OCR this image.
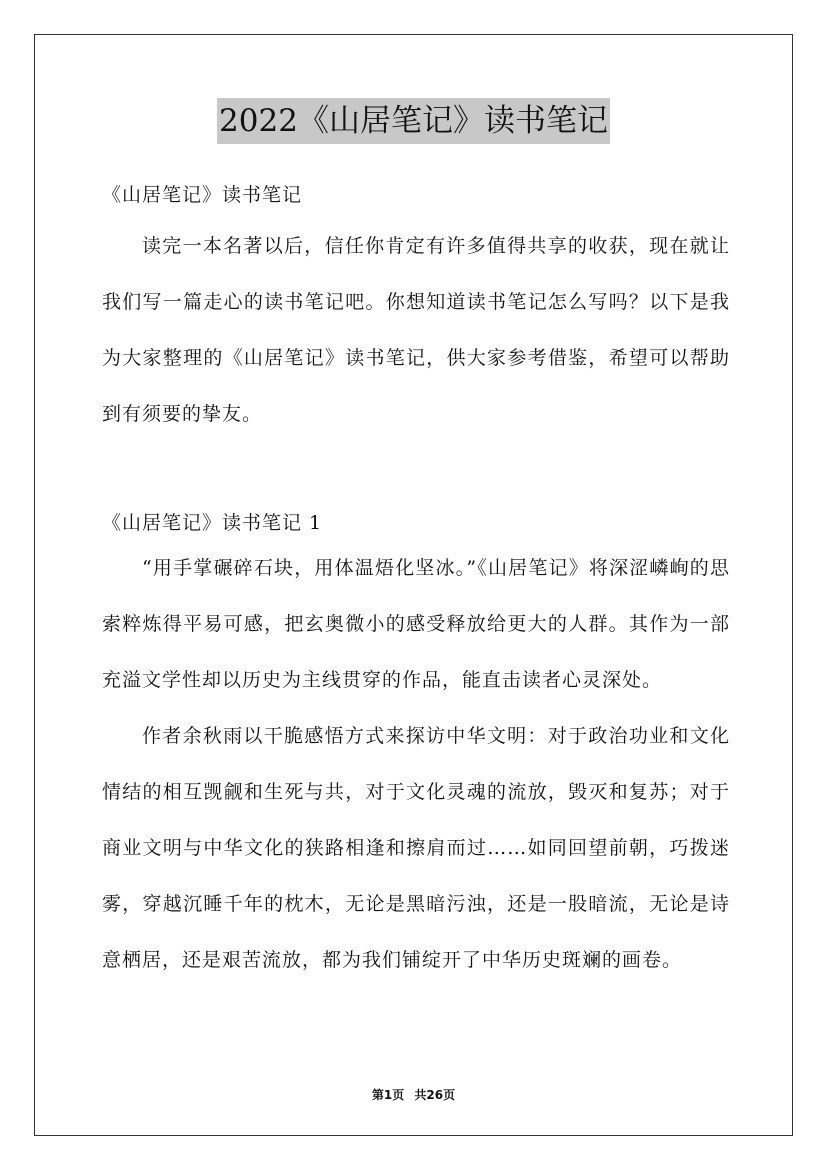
2022《山居笔记》读书笔记
《山居笔记》读书笔记

读完一本名著以后，信任你肯定有许多值得共享的收获，现在就让我们写一篇走心的读书笔记吧。你想知道读书笔记怎么写吗？以下是我为大家整理的《山居笔记》读书笔记，供大家参考借鉴，希望可以帮助到有须要的挚友。

《山居笔记》读书笔记 1

“用手掌碾碎石块，用体温焐化坚冰。”《山居笔记》将深涩嶙峋的思索粹炼得平易可感，把玄奥微小的感受释放给更大的人群。其作为一部充溢文学性却以历史为主线贯穿的作品，能直击读者心灵深处。

作者余秋雨以干脆感悟方式来探访中华文明：对于政治功业和文化情结的相互觊觎和生死与共，对于文化灵魂的流放，毁灭和复苏；对于商业文明与中华文化的狭路相逢和擦肩而过……如同回望前朝，巧拨迷雾，穿越沉睡千年的枕木，无论是黑暗污浊，还是一股暗流，无论是诗意栖居，还是艰苦流放，都为我们铺绽开了中华历史斑斓的画卷。

第1页 共26页
